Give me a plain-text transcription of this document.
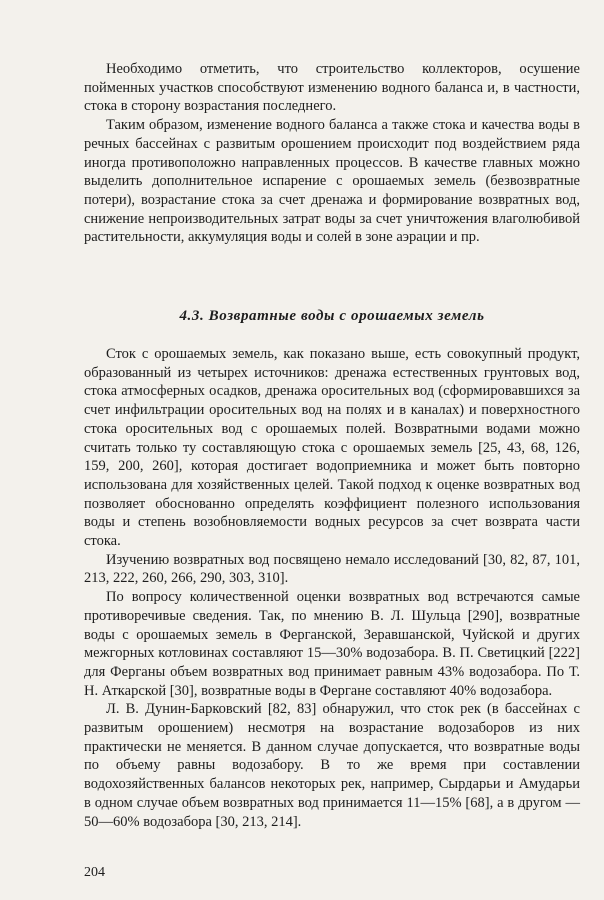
Необходимо отметить, что строительство коллекторов, осушение пойменных участков способствуют изменению водного баланса и, в частности, стока в сторону возрастания последнего.

Таким образом, изменение водного баланса а также стока и качества воды в речных бассейнах с развитым орошением происходит под воздействием ряда иногда противоположно направленных процессов. В качестве главных можно выделить дополнительное испарение с орошаемых земель (безвозвратные потери), возрастание стока за счет дренажа и формирование возвратных вод, снижение непроизводительных затрат воды за счет уничтожения влаголюбивой растительности, аккумуляция воды и солей в зоне аэрации и пр.

4.3. Возвратные воды с орошаемых земель

Сток с орошаемых земель, как показано выше, есть совокупный продукт, образованный из четырех источников: дренажа естественных грунтовых вод, стока атмосферных осадков, дренажа оросительных вод (сформировавшихся за счет инфильтрации оросительных вод на полях и в каналах) и поверхностного стока оросительных вод с орошаемых полей. Возвратными водами можно считать только ту составляющую стока с орошаемых земель [25, 43, 68, 126, 159, 200, 260], которая достигает водоприемника и может быть повторно использована для хозяйственных целей. Такой подход к оценке возвратных вод позволяет обоснованно определять коэффициент полезного использования воды и степень возобновляемости водных ресурсов за счет возврата части стока.

Изучению возвратных вод посвящено немало исследований [30, 82, 87, 101, 213, 222, 260, 266, 290, 303, 310].

По вопросу количественной оценки возвратных вод встречаются самые противоречивые сведения. Так, по мнению В. Л. Шульца [290], возвратные воды с орошаемых земель в Ферганской, Зеравшанской, Чуйской и других межгорных котловинах составляют 15—30% водозабора. В. П. Светицкий [222] для Ферганы объем возвратных вод принимает равным 43% водозабора. По Т. Н. Аткарской [30], возвратные воды в Фергане составляют 40% водозабора.

Л. В. Дунин-Барковский [82, 83] обнаружил, что сток рек (в бассейнах с развитым орошением) несмотря на возрастание водозаборов из них практически не меняется. В данном случае допускается, что возвратные воды по объему равны водозабору. В то же время при составлении водохозяйственных балансов некоторых рек, например, Сырдарьи и Амударьи в одном случае объем возвратных вод принимается 11—15% [68], а в другом — 50—60% водозабора [30, 213, 214].

204
